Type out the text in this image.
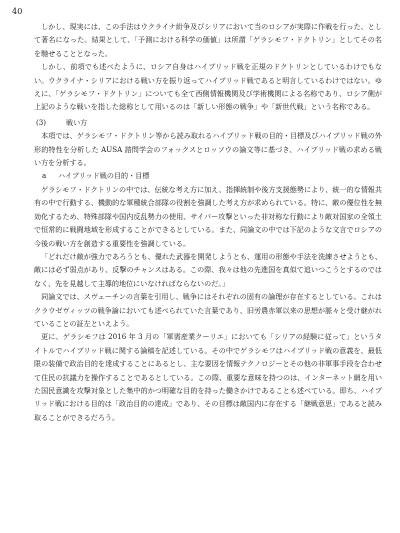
40

しかし、現実には、この手法はウクライナ紛争及びシリアにおいて当のロシアが実際に作戦を行った、として著名になった。結果として、「予測における科学の価値」は所謂「ゲラシモフ・ドクトリン」としてその名を馳せることとなった。

しかし、前項でも述べたように、ロシア自身はハイブリッド戦を正規のドクトリンとしているわけでもない。ウクライナ・シリアにおける戦い方を振り返ってハイブリッド戦であると明言しているわけではない。ゆえに、「ゲラシモフ・ドクトリン」についても全て西側情報機関及び学術機関による名称であり、ロシア側が上記のような戦いを指した総称として用いるのは「新しい形態の戦争」や「新世代戦」という名称である。

(3)	戦い方

本項では、ゲラシモフ・ドクトリン等から読み取れるハイブリッド戦の目的・目標及びハイブリッド戦の外形的特性を分析した AUSA 諮問学会のフォックスとロッソウの論文等に基づき、ハイブリッド戦の求める戦い方を分析する。

a ハイブリッド戦の目的・目標

ゲラシモフ・ドクトリンの中では、伝統な考え方に加え、指揮統制や後方支援態勢により、統一的な情報共有の中で行動する、機動的な軍種統合部隊の役割を強調した考え方が求められている。特に、敵の優位性を無効化するため、特殊部隊や国内反乱勢力の使用、サイバー攻撃といった非対称な行動により敵対国家の全領土で恒常的に戦闘地域を形成することができるとしている。また、同論文の中では下記のような文言でロシアの今後の戦い方を創造する重要性を強調している。

「どれだけ敵が強力であろうとも、優れた武器を開発しようとも、運用の形態や手法を洗練させようとも、敵には必ず弱点があり、反撃のチャンスはある。この際、我々は他の先進国を真似て追いつこうとするのではなく、先を見越して主導的地位にいなければならないのだ。」

同論文では、スヴェーチンの言葉を引用し、戦争にはそれぞれの固有の論理が存在するとしている。これはクラウゼヴィッツの戦争論においても述べられていた言葉であり、旧労農赤軍以来の思想が脈々と受け継がれていることの証左といえよう。

更に、ゲラシモフは 2016 年 3 月の「軍需産業クーリエ」においても「シリアの経験に従って」というタイトルでハイブリッド戦に関する論稿を記述している。その中でゲラシモフはハイブリッド戦の意義を、最低限の装備で政治目的を達成することにあるとし、主な要因を情報テクノロジーとその他の非軍事手段を合わせて住民の抗議力を操作することであるとしている。この際、重要な意味を持つのは、インターネット網を用いた国民意識を攻撃対象とした集中的かつ明確な目的を持った働きかけであることも述べている。即ち、ハイブリッド戦における目的は「政治目的の達成」であり、その目標は敵国内に存在する「継戦意思」であると読み取ることができるだろう。
